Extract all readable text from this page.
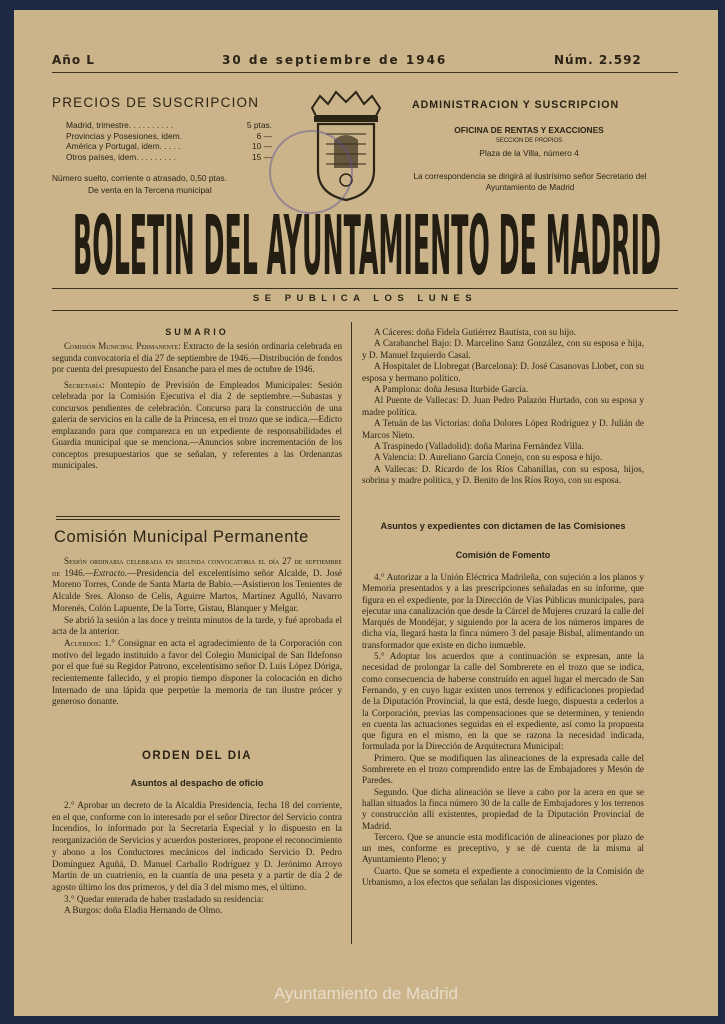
Año L	30 de septiembre de 1946	Núm. 2.592
PRECIOS DE SUSCRIPCION
Madrid, trimestre. . . . . . . . . .	5 ptas.
Provincias y Posesiones, idem.	6 —
América y Portugal, idem. . . . .	10 —
Otros países, idem. . . . . . . . .	15 —
Número suelto, corriente o atrasado, 0,50 ptas.
De venta en la Tercena municipal
ADMINISTRACION Y SUSCRIPCION
OFICINA DE RENTAS Y EXACCIONES
SECCION DE PROPIOS
Plaza de la Villa, número 4
La correspondencia se dirigirá al ilustrísimo señor Secretario del Ayuntamiento de Madrid
BOLETIN DEL AYUNTAMIENTO DE MADRID
SE PUBLICA LOS LUNES
SUMARIO

Comisión Municipal Permanente: Extracto de la sesión ordinaria celebrada en segunda convocatoria el día 27 de septiembre de 1946.—Distribución de fondos por cuenta del presupuesto del Ensanche para el mes de octubre de 1946.

Secretaría: Montepío de Previsión de Empleados Municipales: Sesión celebrada por la Comisión Ejecutiva el día 2 de septiembre.—Subastas y concursos pendientes de celebración. Concurso para la construcción de una galería de servicios en la calle de la Princesa, en el trozo que se indica.—Edicto emplazando para que comparezca en un expediente de responsabilidades el Guardia municipal que se menciona.—Anuncios sobre incrementación de los conceptos presupuestarios que se señalan, y referentes a las Ordenanzas municipales.

Comisión Municipal Permanente

Sesión ordinaria celebrada en segunda convocatoria el día 27 de septiembre de 1946.—Extracto.—Presidencia del excelentísimo señor Alcalde, D. José Moreno Torres, Conde de Santa Marta de Babío.—Asistieron los Tenientes de Alcalde Sres. Alonso de Celis, Aguirre Martos, Martínez Agulló, Navarro Morenés, Colón Lapuente, De la Torre, Gistau, Blanquer y Melgar.

Se abrió la sesión a las doce y treinta minutos de la tarde, y fué aprobada el acta de la anterior.

Acuerdos: 1.° Consignar en acta el agradecimiento de la Corporación con motivo del legado instituído a favor del Colegio Municipal de San Ildefonso por el que fué su Regidor Patrono, excelentísimo señor D. Luis López Dóriga, recientemente fallecido, y el propio tiempo disponer la colocación en dicho Internado de una lápida que perpetúe la memoria de tan ilustre prócer y generoso donante.

ORDEN DEL DIA
Asuntos al despacho de oficio

2.° Aprobar un decreto de la Alcaldía Presidencia, fecha 18 del corriente, en el que, conforme con lo interesado por el señor Director del Servicio contra Incendios, lo informado por la Secretaría Especial y lo dispuesto en la reorganización de Servicios y acuerdos posteriores, propone el reconocimiento y abono a los Conductores mecánicos del indicado Servicio D. Pedro Domínguez Aguñá, D. Manuel Carballo Rodríguez y D. Jerónimo Arroyo Martín de un cuatrienio, en la cuantía de una peseta y a partir de día 2 de agosto último los dos primeros, y del día 3 del mismo mes, el último.

3.° Quedar enterada de haber trasladado su residencia:

A Burgos: doña Eladia Hernando de Olmo.

A Cáceres: doña Fidela Gutiérrez Bautista, con su hijo.

A Carabanchel Bajo: D. Marcelino Sanz González, con su esposa e hija, y D. Manuel Izquierdo Casal.

A Hospitalet de Llobregat (Barcelona): D. José Casanovas Llobet, con su esposa y hermano político.

A Pamplona: doña Jesusa Iturbide García.

Al Puente de Vallecas: D. Juan Pedro Palazón Hurtado, con su esposa y madre política.

A Tetuán de las Victorias: doña Dolores López Rodríguez y D. Julián de Marcos Nieto.

A Traspinedo (Valladolid): doña Marina Fernández Villa.

A Valencia: D. Aureliano García Conejo, con su esposa e hijo.

A Vallecas: D. Ricardo de los Ríos Cabanillas, con su esposa, hijos, sobrina y madre política, y D. Benito de los Ríos Royo, con su esposa.

Asuntos y expedientes con dictamen de las Comisiones
Comisión de Fomento

4.° Autorizar a la Unión Eléctrica Madrileña, con sujeción a los planos y Memoria presentados y a las prescripciones señaladas en su informe, que figura en el expediente, por la Dirección de Vías Públicas municipales, para ejecutar una canalización que desde la Cárcel de Mujeres cruzará la calle del Marqués de Mondéjar, y siguiendo por la acera de los números impares de dicha vía, llegará hasta la finca número 3 del pasaje Bisbal, alimentando un transformador que existe en dicho inmueble.

5.° Adoptar los acuerdos que a continuación se expresan, ante la necesidad de prolongar la calle del Sombrerete en el trozo que se indica, como consecuencia de haberse construído en aquel lugar el mercado de San Fernando, y en cuyo lugar existen unos terrenos y edificaciones propiedad de la Diputación Provincial, la que está, desde luego, dispuesta a cederlos a la Corporación, previas las compensaciones que se determinen, y teniendo en cuenta las actuaciones seguidas en el expediente, así como la propuesta que figura en el mismo, en la que se razona la necesidad indicada, formulada por la Dirección de Arquitectura Municipal:

Primero. Que se modifiquen las alineaciones de la expresada calle del Sombrerete en el trozo comprendido entre las de Embajadores y Mesón de Paredes.

Segundo. Que dicha alineación se lleve a cabo por la acera en que se hallan situados la finca número 30 de la calle de Embajadores y los terrenos y construcción allí existentes, propiedad de la Diputación Provincial de Madrid.

Tercero. Que se anuncie esta modificación de alineaciones por plazo de un mes, conforme es preceptivo, y se dé cuenta de la misma al Ayuntamiento Pleno; y

Cuarto. Que se someta el expediente a conocimiento de la Comisión de Urbanismo, a los efectos que señalan las disposiciones vigentes.

Ayuntamiento de Madrid
